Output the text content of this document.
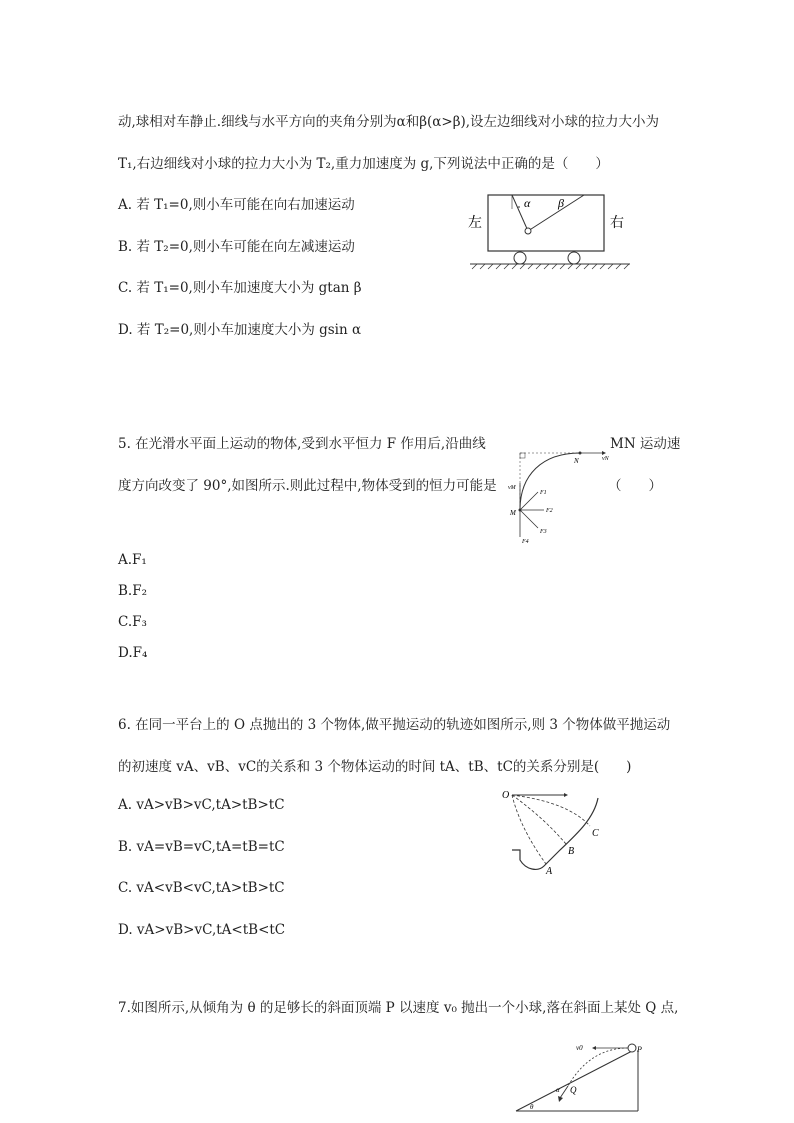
动,球相对车静止.细线与水平方向的夹角分别为α和β(α>β),设左边细线对小球的拉力大小为
T₁,右边细线对小球的拉力大小为 T₂,重力加速度为 g,下列说法中正确的是（　　）
A. 若 T₁=0,则小车可能在向右加速运动
B. 若 T₂=0,则小车可能在向左减速运动
C. 若 T₁=0,则小车加速度大小为 gtan β
D. 若 T₂=0,则小车加速度大小为 gsin α
α β
左	右
5. 在光滑水平面上运动的物体,受到水平恒力 F 作用后,沿曲线	MN 运动速
度方向改变了 90°,如图所示.则此过程中,物体受到的恒力可能是	（　　）
A.F₁
B.F₂
C.F₃
D.F₄
N	vN
vM
M
F1
F2
F3
F4
6. 在同一平台上的 O 点抛出的 3 个物体,做平抛运动的轨迹如图所示,则 3 个物体做平抛运动
的初速度 vA、vB、vC的关系和 3 个物体运动的时间 tA、tB、tC的关系分别是(　　)
A. vA>vB>vC,tA>tB>tC
B. vA=vB=vC,tA=tB=tC
C. vA<vB<vC,tA>tB>tC
D. vA>vB>vC,tA<tB<tC
O
A
B
C
7.如图所示,从倾角为 θ 的足够长的斜面顶端 P 以速度 v₀ 抛出一个小球,落在斜面上某处 Q 点,
P
v0
Q
α
θ
